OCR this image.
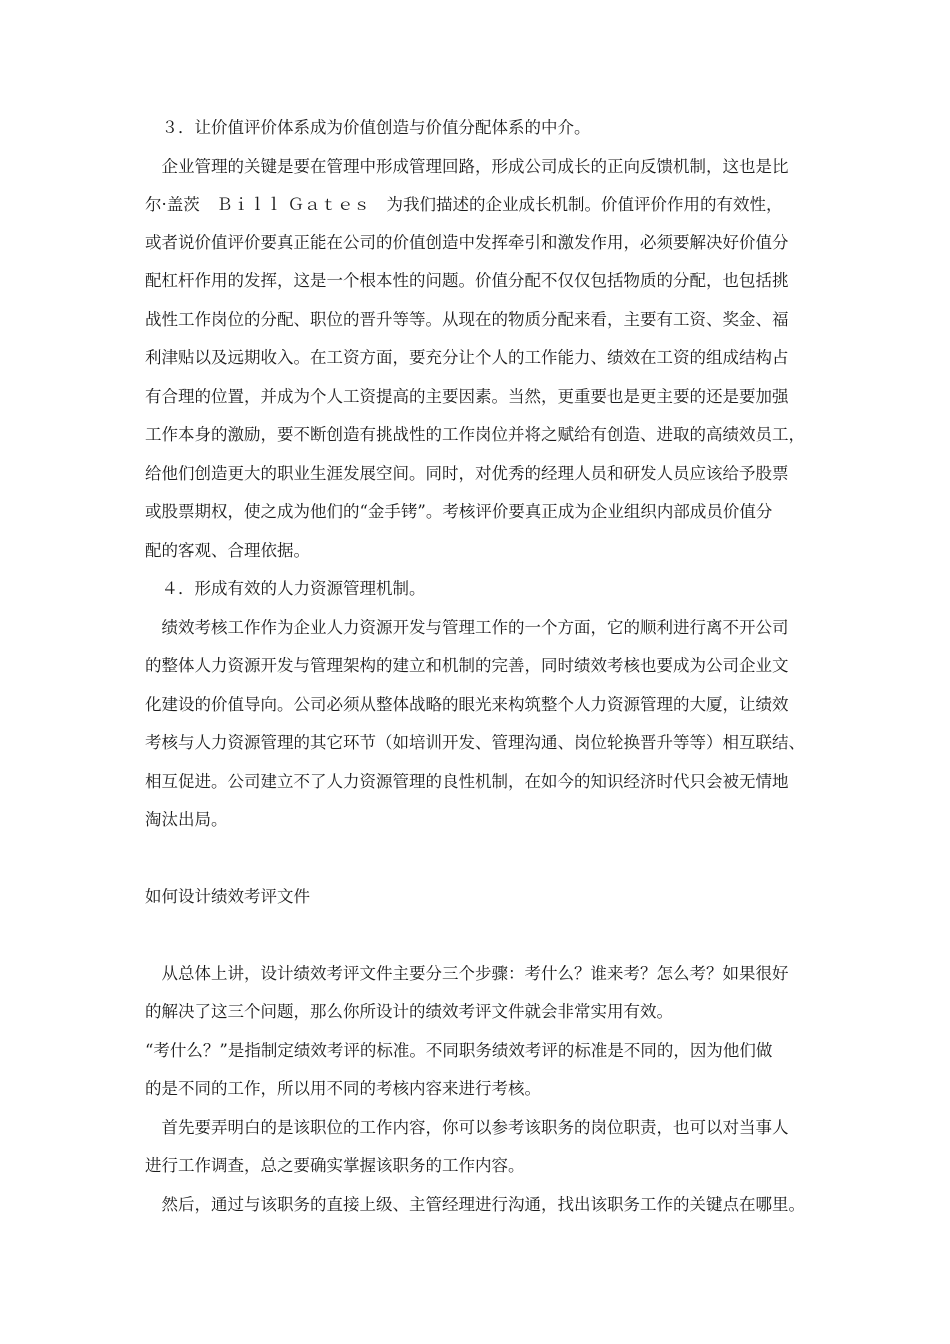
　３．让价值评价体系成为价值创造与价值分配体系的中介。
　企业管理的关键是要在管理中形成管理回路，形成公司成长的正向反馈机制，这也是比
尔·盖茨　Ｂｉｌｌ Ｇａｔｅｓ　为我们描述的企业成长机制。价值评价作用的有效性，
或者说价值评价要真正能在公司的价值创造中发挥牵引和激发作用，必须要解决好价值分
配杠杆作用的发挥，这是一个根本性的问题。价值分配不仅仅包括物质的分配，也包括挑
战性工作岗位的分配、职位的晋升等等。从现在的物质分配来看，主要有工资、奖金、福
利津贴以及远期收入。在工资方面，要充分让个人的工作能力、绩效在工资的组成结构占
有合理的位置，并成为个人工资提高的主要因素。当然，更重要也是更主要的还是要加强
工作本身的激励，要不断创造有挑战性的工作岗位并将之赋给有创造、进取的高绩效员工，
给他们创造更大的职业生涯发展空间。同时，对优秀的经理人员和研发人员应该给予股票
或股票期权，使之成为他们的“金手铐”。考核评价要真正成为企业组织内部成员价值分
配的客观、合理依据。
　４．形成有效的人力资源管理机制。
　绩效考核工作作为企业人力资源开发与管理工作的一个方面，它的顺利进行离不开公司
的整体人力资源开发与管理架构的建立和机制的完善，同时绩效考核也要成为公司企业文
化建设的价值导向。公司必须从整体战略的眼光来构筑整个人力资源管理的大厦，让绩效
考核与人力资源管理的其它环节（如培训开发、管理沟通、岗位轮换晋升等等）相互联结、
相互促进。公司建立不了人力资源管理的良性机制，在如今的知识经济时代只会被无情地
淘汰出局。
如何设计绩效考评文件
　从总体上讲，设计绩效考评文件主要分三个步骤：考什么？谁来考？怎么考？如果很好
的解决了这三个问题，那么你所设计的绩效考评文件就会非常实用有效。
“考什么？”是指制定绩效考评的标准。不同职务绩效考评的标准是不同的，因为他们做
的是不同的工作，所以用不同的考核内容来进行考核。
　首先要弄明白的是该职位的工作内容，你可以参考该职务的岗位职责，也可以对当事人
进行工作调查，总之要确实掌握该职务的工作内容。
　然后，通过与该职务的直接上级、主管经理进行沟通，找出该职务工作的关键点在哪里。
